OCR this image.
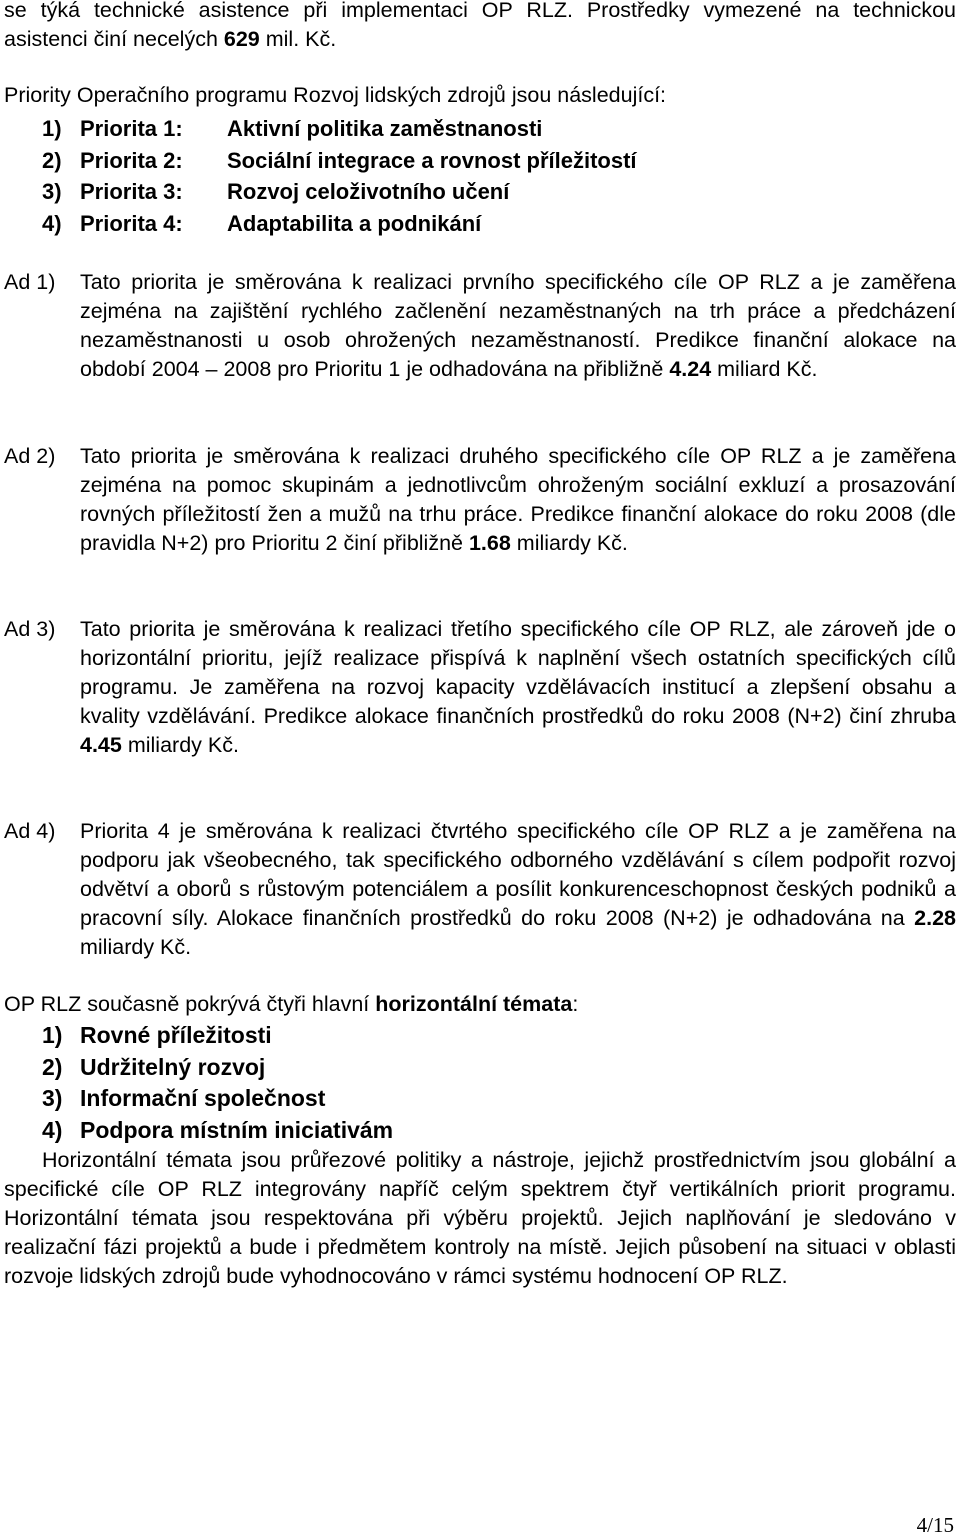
se týká technické asistence při implementaci OP RLZ. Prostředky vymezené na technickou asistenci činí necelých 629 mil. Kč.

Priority Operačního programu Rozvoj lidských zdrojů jsou následující:

1) Priorita 1: Aktivní politika zaměstnanosti
2) Priorita 2: Sociální integrace a rovnost příležitostí
3) Priorita 3: Rozvoj celoživotního učení
4) Priorita 4: Adaptabilita a podnikání
Ad 1) Tato priorita je směrována k realizaci prvního specifického cíle OP RLZ a je zaměřena zejména na zajištění rychlého začlenění nezaměstnaných na trh práce a předcházení nezaměstnanosti u osob ohrožených nezaměstnaností. Predikce finanční alokace na období 2004 – 2008 pro Prioritu 1 je odhadována na přibližně 4.24 miliard Kč.

Ad 2) Tato priorita je směrována k realizaci druhého specifického cíle OP RLZ a je zaměřena zejména na pomoc skupinám a jednotlivcům ohroženým sociální exkluzí a prosazování rovných příležitostí žen a mužů na trhu práce. Predikce finanční alokace do roku 2008 (dle pravidla N+2) pro Prioritu 2 činí přibližně 1.68 miliardy Kč.

Ad 3) Tato priorita je směrována k realizaci třetího specifického cíle OP RLZ, ale zároveň jde o horizontální prioritu, jejíž realizace přispívá k naplnění všech ostatních specifických cílů programu. Je zaměřena na rozvoj kapacity vzdělávacích institucí a zlepšení obsahu a kvality vzdělávání. Predikce alokace finančních prostředků do roku 2008 (N+2) činí zhruba 4.45 miliardy Kč.

Ad 4) Priorita 4 je směrována k realizaci čtvrtého specifického cíle OP RLZ a je zaměřena na podporu jak všeobecného, tak specifického odborného vzdělávání s cílem podpořit rozvoj odvětví a oborů s růstovým potenciálem a posílit konkurenceschopnost českých podniků a pracovní síly. Alokace finančních prostředků do roku 2008 (N+2) je odhadována na 2.28 miliardy Kč.

OP RLZ současně pokrývá čtyři hlavní horizontální témata:

1) Rovné příležitosti
2) Udržitelný rozvoj
3) Informační společnost
4) Podpora místním iniciativám

Horizontální témata jsou průřezové politiky a nástroje, jejichž prostřednictvím jsou globální a specifické cíle OP RLZ integrovány napříč celým spektrem čtyř vertikálních priorit programu. Horizontální témata jsou respektována při výběru projektů. Jejich naplňování je sledováno v realizační fázi projektů a bude i předmětem kontroly na místě. Jejich působení na situaci v oblasti rozvoje lidských zdrojů bude vyhodnocováno v rámci systému hodnocení OP RLZ.

4/15
